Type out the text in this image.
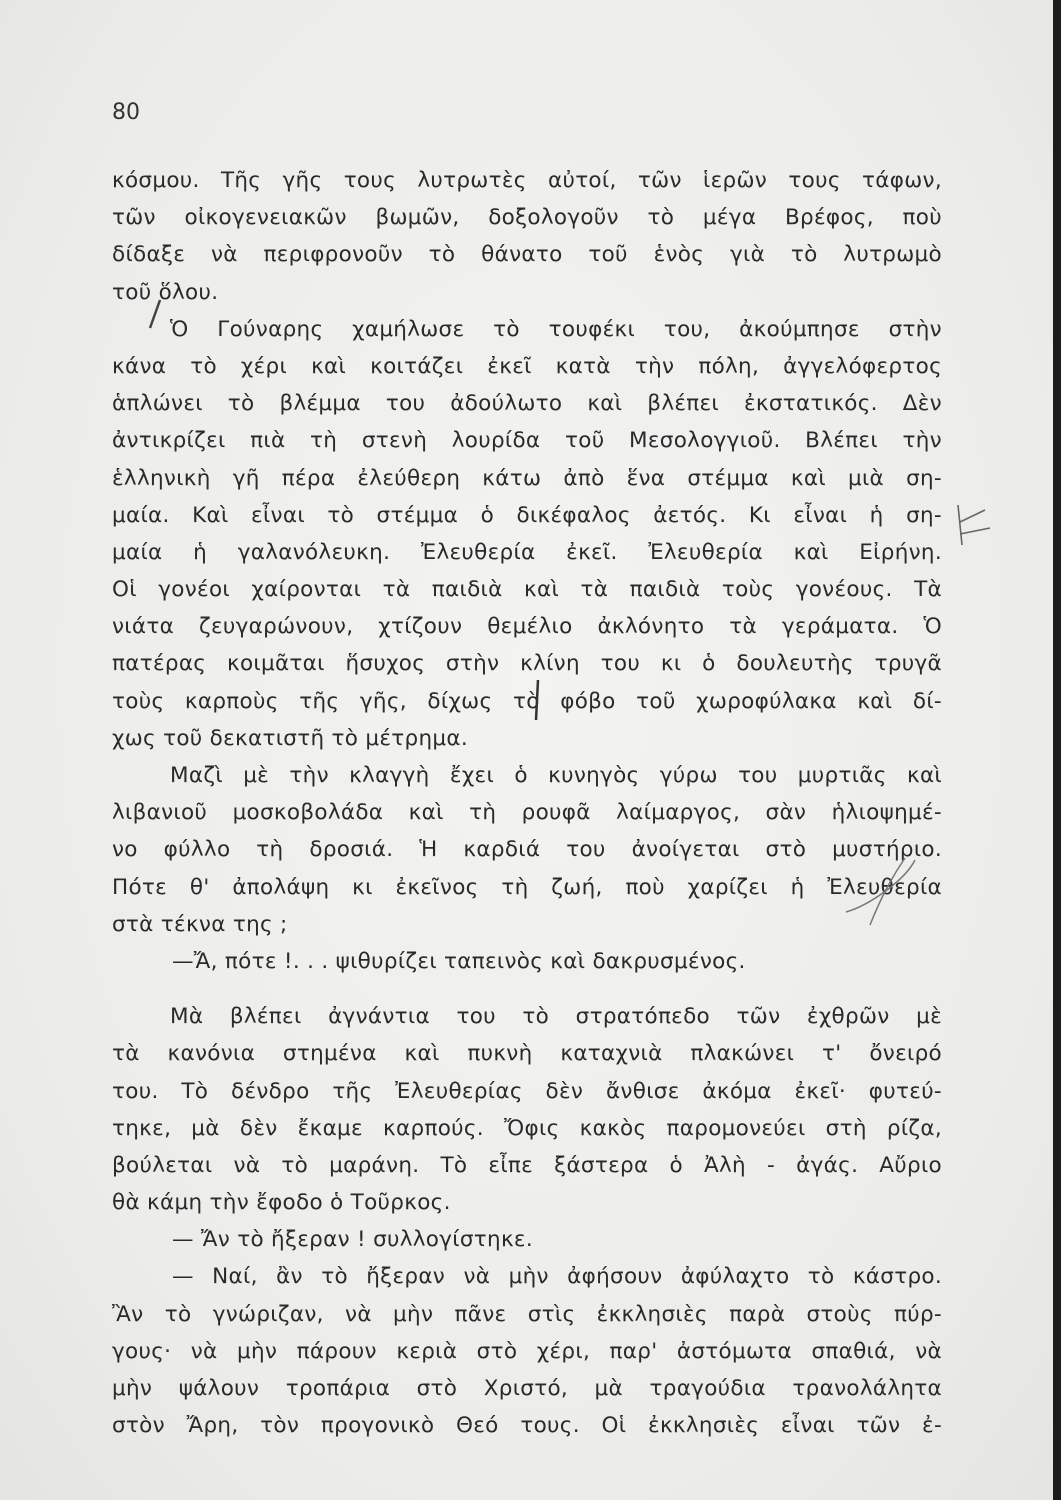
80
κόσμου. Τῆς γῆς τους λυτρωτὲς αὐτοί, τῶν ἱερῶν τους τάφων,
τῶν οἰκογενειακῶν βωμῶν, δοξολογοῦν τὸ μέγα Βρέφος, ποὺ
δίδαξε νὰ περιφρονοῦν τὸ θάνατο τοῦ ἑνὸς γιὰ τὸ λυτρωμὸ
τοῦ ὅλου.
Ὁ Γούναρης χαμήλωσε τὸ τουφέκι του, ἀκούμπησε στὴν
κάνα τὸ χέρι καὶ κοιτάζει ἐκεῖ κατὰ τὴν πόλη, ἀγγελόφερτος
ἁπλώνει τὸ βλέμμα του ἀδούλωτο καὶ βλέπει ἐκστατικός. Δὲν
ἀντικρίζει πιὰ τὴ στενὴ λουρίδα τοῦ Μεσολογγιοῦ. Βλέπει τὴν
ἑλληνικὴ γῆ πέρα ἐλεύθερη κάτω ἀπὸ ἕνα στέμμα καὶ μιὰ ση-
μαία. Καὶ εἶναι τὸ στέμμα ὁ δικέφαλος ἀετός. Κι εἶναι ἡ ση-
μαία ἡ γαλανόλευκη. Ἐλευθερία ἐκεῖ. Ἐλευθερία καὶ Εἰρήνη.
Οἱ γονέοι χαίρονται τὰ παιδιὰ καὶ τὰ παιδιὰ τοὺς γονέους. Τὰ
νιάτα ζευγαρώνουν, χτίζουν θεμέλιο ἀκλόνητο τὰ γεράματα. Ὁ
πατέρας κοιμᾶται ἥσυχος στὴν κλίνη του κι ὁ δουλευτὴς τρυγᾶ
τοὺς καρποὺς τῆς γῆς, δίχως τὸ φόβο τοῦ χωροφύλακα καὶ δί-
χως τοῦ δεκατιστῆ τὸ μέτρημα.
Μαζὶ μὲ τὴν κλαγγὴ ἔχει ὁ κυνηγὸς γύρω του μυρτιᾶς καὶ
λιβανιοῦ μοσκοβολάδα καὶ τὴ ρουφᾶ λαίμαργος, σὰν ἡλιοψημέ-
νο φύλλο τὴ δροσιά. Ἡ καρδιά του ἀνοίγεται στὸ μυστήριο.
Πότε θ' ἀπολάψη κι ἐκεῖνος τὴ ζωή, ποὺ χαρίζει ἡ Ἐλευθερία
στὰ τέκνα της ;
—Ἄ, πότε !. . . ψιθυρίζει ταπεινὸς καὶ δακρυσμένος.
Μὰ βλέπει ἀγνάντια του τὸ στρατόπεδο τῶν ἐχθρῶν μὲ
τὰ κανόνια στημένα καὶ πυκνὴ καταχνιὰ πλακώνει τ' ὄνειρό
του. Τὸ δένδρο τῆς Ἐλευθερίας δὲν ἄνθισε ἀκόμα ἐκεῖ· φυτεύ-
τηκε, μὰ δὲν ἔκαμε καρπούς. Ὄφις κακὸς παρομονεύει στὴ ρίζα,
βούλεται νὰ τὸ μαράνη. Τὸ εἶπε ξάστερα ὁ Ἀλὴ - ἀγάς. Αὔριο
θὰ κάμη τὴν ἔφοδο ὁ Τοῦρκος.
— Ἄν τὸ ἤξεραν ! συλλογίστηκε.
— Ναί, ἂν τὸ ἤξεραν νὰ μὴν ἀφήσουν ἀφύλαχτο τὸ κάστρο.
Ἂν τὸ γνώριζαν, νὰ μὴν πᾶνε στὶς ἐκκλησιὲς παρὰ στοὺς πύρ-
γους· νὰ μὴν πάρουν κεριὰ στὸ χέρι, παρ' ἀστόμωτα σπαθιά, νὰ
μὴν ψάλουν τροπάρια στὸ Χριστό, μὰ τραγούδια τρανολάλητα
στὸν Ἄρη, τὸν προγονικὸ Θεό τους. Οἱ ἐκκλησιὲς εἶναι τῶν ἐ-
